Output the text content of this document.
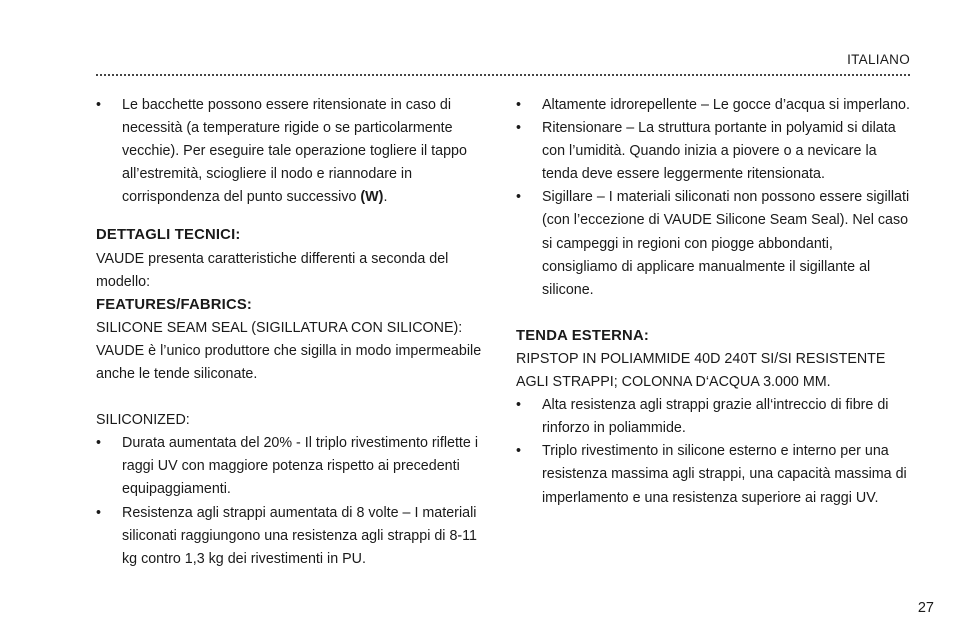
ITALIANO
• Le bacchette possono essere ritensionate in caso di necessità (a temperature rigide o se particolarmente vecchie). Per eseguire tale operazione togliere il tappo all’estremità, sciogliere il nodo e riannodare in corrispondenza del punto successivo (W).

DETTAGLI TECNICI:

VAUDE presenta caratteristiche differenti a seconda del modello:

FEATURES/FABRICS:

SILICONE SEAM SEAL (SIGILLATURA CON SILICONE):

VAUDE è l’unico produttore che sigilla in modo impermeabile anche le tende siliconate.

SILICONIZED:

• Durata aumentata del 20% - Il triplo rivestimento riflette i raggi UV con maggiore potenza rispetto ai precedenti equipaggiamenti.
• Resistenza agli strappi aumentata di 8 volte – I materiali siliconati raggiungono una resistenza agli strappi di 8-11 kg contro 1,3 kg dei rivestimenti in PU.
• Altamente idrorepellente – Le gocce d’acqua si imperlano.
• Ritensionare – La struttura portante in polyamid si dilata con l’umidità. Quando inizia a piovere o a nevicare la tenda deve essere leggermente ritensionata.
• Sigillare – I materiali siliconati non possono essere sigillati (con l’eccezione di VAUDE Silicone Seam Seal). Nel caso si campeggi in regioni con piogge abbondanti, consigliamo di applicare manualmente il sigillante al silicone.

TENDA ESTERNA:

RIPSTOP IN POLIAMMIDE 40D 240T SI/SI RESISTENTE AGLI STRAPPI; COLONNA D‘ACQUA 3.000 MM.

• Alta resistenza agli strappi grazie all‘intreccio di fibre di rinforzo in poliammide.
• Triplo rivestimento in silicone esterno e interno per una resistenza massima agli strappi, una capacità massima di imperlamento e una resistenza superiore ai raggi UV.
27
